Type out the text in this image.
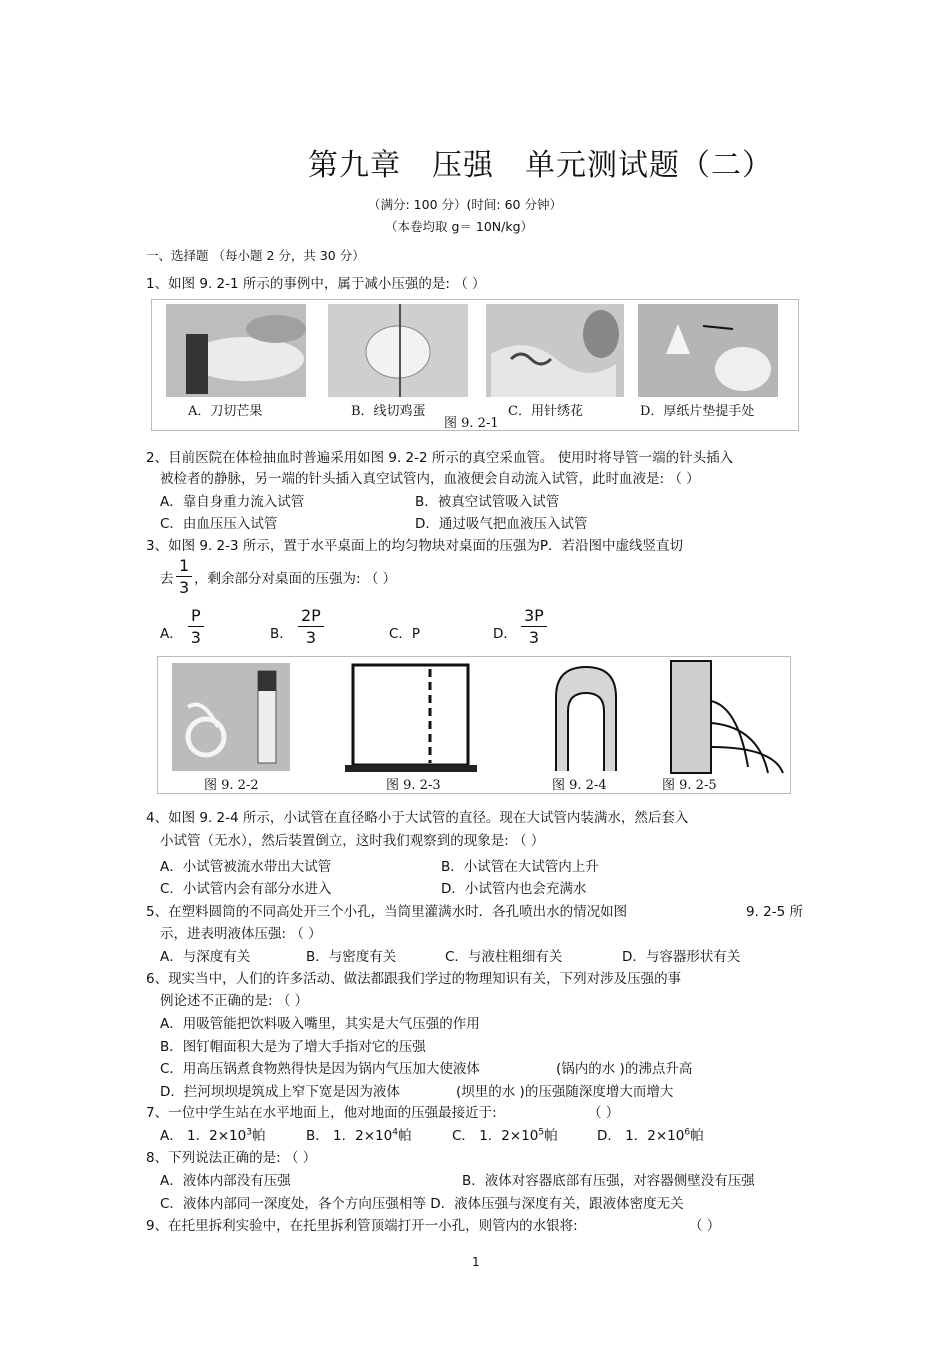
第九章　压强　单元测试题（二）
（满分: 100 分）(时间: 60 分钟）
（本卷均取 g＝ 10N/kg）
一、选择题 （每小题 2 分，共 30 分）
1、如图 9. 2-1 所示的事例中，属于减小压强的是: （ ）
A．刀切芒果	B．线切鸡蛋	C．用针绣花	D．厚纸片垫提手处
图 9. 2-1
2、目前医院在体检抽血时普遍采用如图 9. 2-2 所示的真空采血管。 使用时将导管一端的针头插入
被检者的静脉，另一端的针头插入真空试管内，血液便会自动流入试管，此时血液是: （ ）
A．靠自身重力流入试管	B．被真空试管吸入试管
C．由血压压入试管	D．通过吸气把血液压入试管
3、如图 9. 2-3 所示，置于水平桌面上的均匀物块对桌面的压强为P．若沿图中虚线竖直切
去 $\frac{1}{3}$ ，剩余部分对桌面的压强为: （ ）
A． $\frac{P}{3}$	B． $\frac{2P}{3}$	C．P	D． $\frac{3P}{3}$
图 9. 2-2	图 9. 2-3	图 9. 2-4	图 9. 2-5
4、如图 9. 2-4 所示，小试管在直径略小于大试管的直径。现在大试管内装满水，然后套入
小试管（无水），然后装置倒立，这时我们观察到的现象是: （ ）
A．小试管被流水带出大试管	B．小试管在大试管内上升
C．小试管内会有部分水进入	D．小试管内也会充满水
5、在塑料圆筒的不同高处开三个小孔，当筒里灌满水时．各孔喷出水的情况如图	9. 2-5 所
示，进表明液体压强: （ ）
A．与深度有关	B．与密度有关	C．与液柱粗细有关	D．与容器形状有关
6、现实当中，人们的许多活动、做法都跟我们学过的物理知识有关，下列对涉及压强的事
例论述不正确的是: （ ）
A．用吸管能把饮料吸入嘴里，其实是大气压强的作用
B．图钉帽面积大是为了增大手指对它的压强
C．用高压锅煮食物熟得快是因为锅内气压加大使液体	(锅内的水 )的沸点升高
D．拦河坝坝堤筑成上窄下宽是因为液体	(坝里的水 )的压强随深度增大而增大
7、一位中学生站在水平地面上，他对地面的压强最接近于:	（ ）
A． 1．$2\times 10^3$帕	B． 1．$2\times 10^4$帕	C． 1．$2\times 10^5$帕	D． 1．$2\times 10^6$帕
8、下列说法正确的是: （ ）
A．液体内部没有压强	B．液体对容器底部有压强，对容器侧壁没有压强
C．液体内部同一深度处，各个方向压强相等 D．液体压强与深度有关，跟液体密度无关
9、在托里拆利实验中，在托里拆利管顶端打开一小孔，则管内的水银将:	（ ）
1
